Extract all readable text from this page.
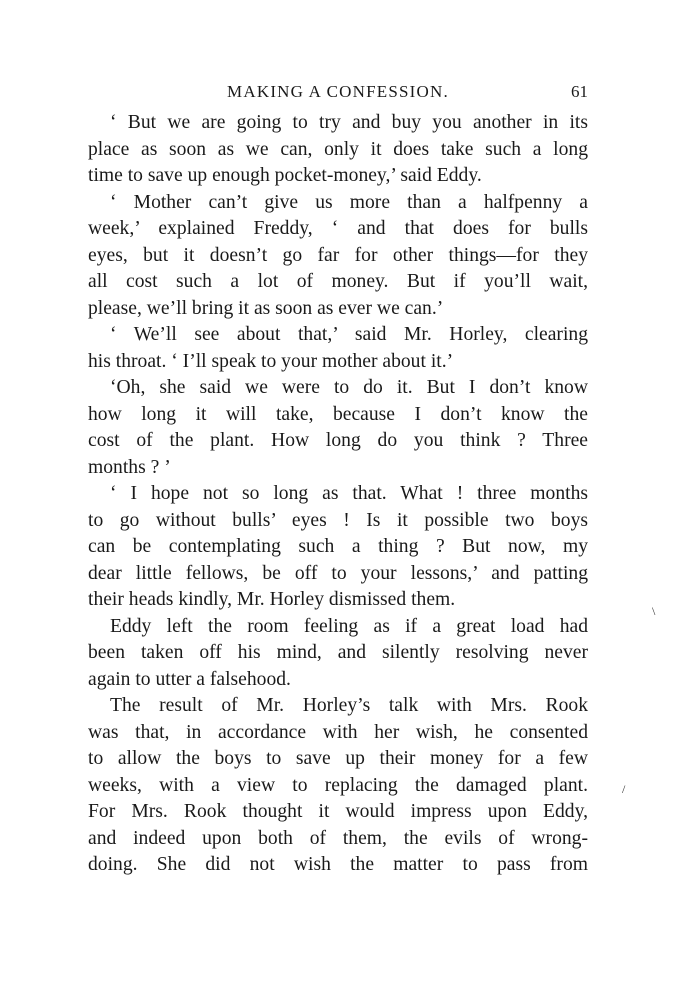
MAKING A CONFESSION.	61
‘ But we are going to try and buy you another in its
place as soon as we can, only it does take such a long
time to save up enough pocket-money,’ said Eddy.
‘ Mother can’t give us more than a halfpenny a
week,’ explained Freddy, ‘ and that does for bulls
eyes, but it doesn’t go far for other things—for they
all cost such a lot of money. But if you’ll wait,
please, we’ll bring it as soon as ever we can.’
‘ We’ll see about that,’ said Mr. Horley, clearing
his throat. ‘ I’ll speak to your mother about it.’
‘Oh, she said we were to do it. But I don’t know
how long it will take, because I don’t know the
cost of the plant. How long do you think ? Three
months ? ’
‘ I hope not so long as that. What ! three months
to go without bulls’ eyes ! Is it possible two boys
can be contemplating such a thing ? But now, my
dear little fellows, be off to your lessons,’ and patting
their heads kindly, Mr. Horley dismissed them.
Eddy left the room feeling as if a great load had
been taken off his mind, and silently resolving never
again to utter a falsehood.
The result of Mr. Horley’s talk with Mrs. Rook
was that, in accordance with her wish, he consented
to allow the boys to save up their money for a few
weeks, with a view to replacing the damaged plant.
For Mrs. Rook thought it would impress upon Eddy,
and indeed upon both of them, the evils of wrong-
doing. She did not wish the matter to pass from
\
/
